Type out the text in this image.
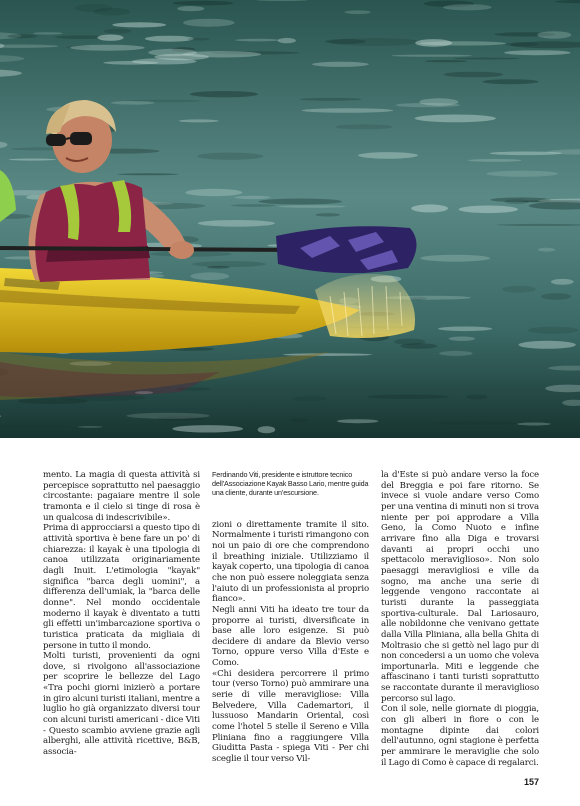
mento. La magia di questa attività si percepisce soprattutto nel paesaggio circostante: pagaiare mentre il sole tramonta e il cielo si tinge di rosa è un qualcosa di indescrivibile».

Prima di approcciarsi a questo tipo di attività sportiva è bene fare un po' di chiarezza: il kayak è una tipologia di canoa utilizzata originariamente dagli Inuit. L'etimologia "kayak" significa "barca degli uomini", a differenza dell'umiak, la "barca delle donne". Nel mondo occidentale moderno il kayak è diventato a tutti gli effetti un'imbarcazione sportiva o turistica praticata da migliaia di persone in tutto il mondo.

Molti turisti, provenienti da ogni dove, si rivolgono all'associazione per scoprire le bellezze del Lago «Tra pochi giorni inizierò a portare in giro alcuni turisti italiani, mentre a luglio ho già organizzato diversi tour con alcuni turisti americani - dice Viti - Questo scambio avviene grazie agli alberghi, alle attività ricettive, B&B, associa-

Ferdinando Viti, presidente e istruttore tecnico dell'Associazione Kayak Basso Lario, mentre guida una cliente, durante un'escursione.

zioni o direttamente tramite il sito. Normalmente i turisti rimangono con noi un paio di ore che comprendono il breathing iniziale. Utilizziamo il kayak coperto, una tipologia di canoa che non può essere noleggiata senza l'aiuto di un professionista al proprio fianco».

Negli anni Viti ha ideato tre tour da proporre ai turisti, diversificate in base alle loro esigenze. Si può decidere di andare da Blevio verso Torno, oppure verso Villa d'Este e Como.

«Chi desidera percorrere il primo tour (verso Torno) può ammirare una serie di ville meravigliose: Villa Belvedere, Villa Cademartori, il lussuoso Mandarin Oriental, così come l'hotel 5 stelle il Sereno e Villa Pliniana fino a raggiungere Villa Giuditta Pasta - spiega Viti - Per chi sceglie il tour verso Vil-

la d'Este si può andare verso la foce del Breggia e poi fare ritorno. Se invece si vuole andare verso Como per una ventina di minuti non si trova niente per poi approdare a Villa Geno, la Como Nuoto e infine arrivare fino alla Diga e trovarsi davanti ai propri occhi uno spettacolo meraviglioso». Non solo paesaggi meravigliosi e ville da sogno, ma anche una serie di leggende vengono raccontate ai turisti durante la passeggiata sportiva-culturale. Dal Lariosauro, alle nobildonne che venivano gettate dalla Villa Pliniana, alla bella Ghita di Moltrasio che si gettò nel lago pur di non concedersi a un uomo che voleva importunarla. Miti e leggende che affascinano i tanti turisti soprattutto se raccontate durante il meraviglioso percorso sul lago.

Con il sole, nelle giornate di pioggia, con gli alberi in fiore o con le montagne dipinte dai colori dell'autunno, ogni stagione è perfetta per ammirare le meraviglie che solo il Lago di Como è capace di regalarci.

157
